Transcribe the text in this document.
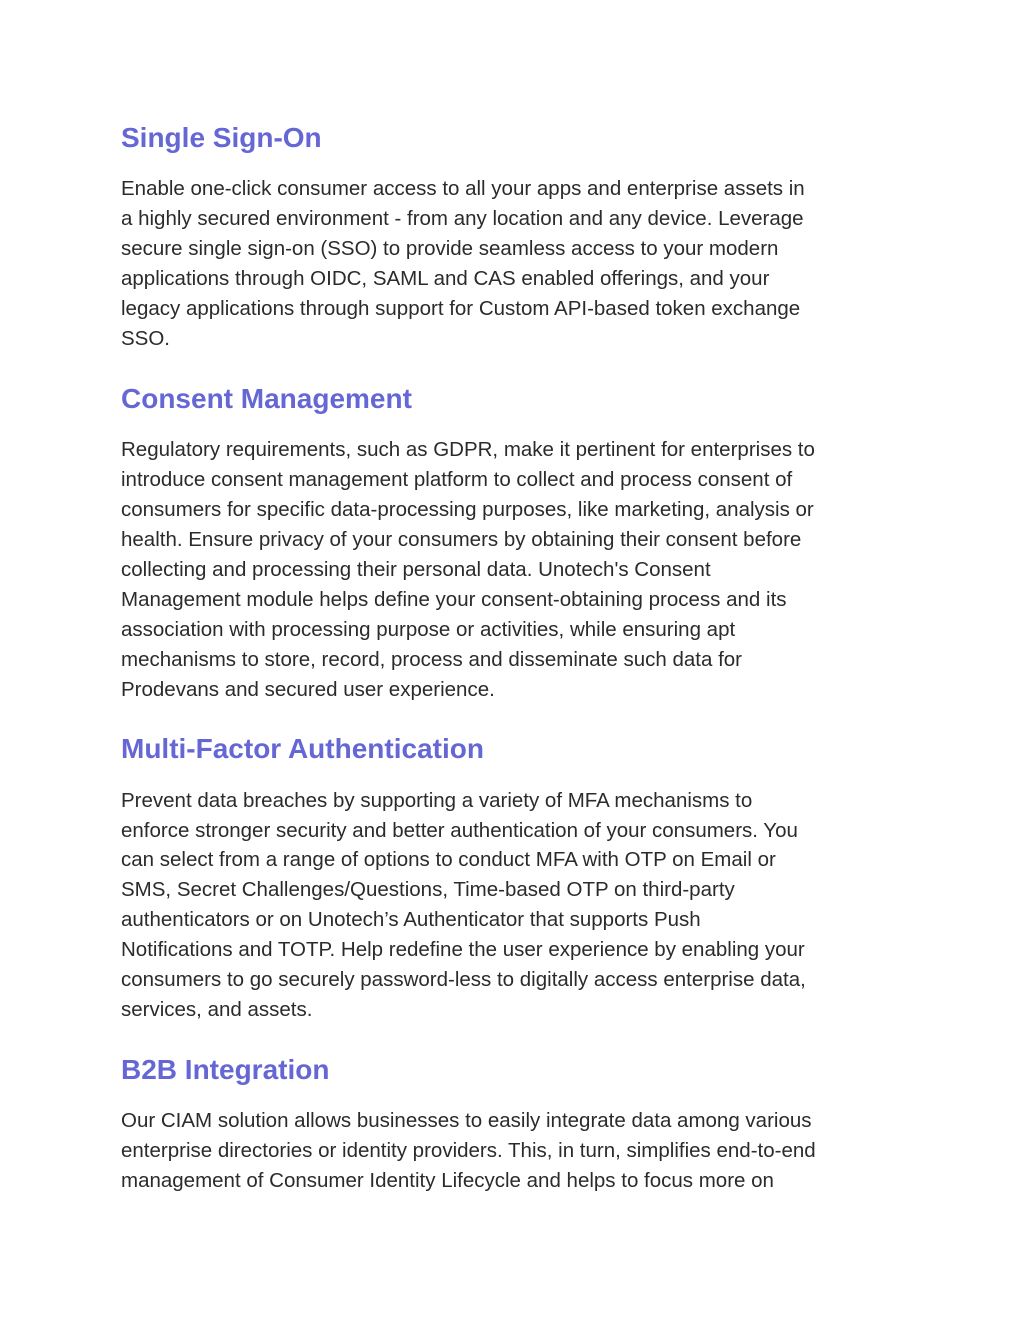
Single Sign-On

Enable one-click consumer access to all your apps and enterprise assets in
a highly secured environment - from any location and any device. Leverage
secure single sign-on (SSO) to provide seamless access to your modern
applications through OIDC, SAML and CAS enabled offerings, and your
legacy applications through support for Custom API-based token exchange
SSO.

Consent Management

Regulatory requirements, such as GDPR, make it pertinent for enterprises to
introduce consent management platform to collect and process consent of
consumers for specific data-processing purposes, like marketing, analysis or
health. Ensure privacy of your consumers by obtaining their consent before
collecting and processing their personal data. Unotech's Consent
Management module helps define your consent-obtaining process and its
association with processing purpose or activities, while ensuring apt
mechanisms to store, record, process and disseminate such data for
Prodevans and secured user experience.

Multi-Factor Authentication

Prevent data breaches by supporting a variety of MFA mechanisms to
enforce stronger security and better authentication of your consumers. You
can select from a range of options to conduct MFA with OTP on Email or
SMS, Secret Challenges/Questions, Time-based OTP on third-party
authenticators or on Unotech’s Authenticator that supports Push
Notifications and TOTP. Help redefine the user experience by enabling your
consumers to go securely password-less to digitally access enterprise data,
services, and assets.

B2B Integration

Our CIAM solution allows businesses to easily integrate data among various
enterprise directories or identity providers. This, in turn, simplifies end-to-end
management of Consumer Identity Lifecycle and helps to focus more on
